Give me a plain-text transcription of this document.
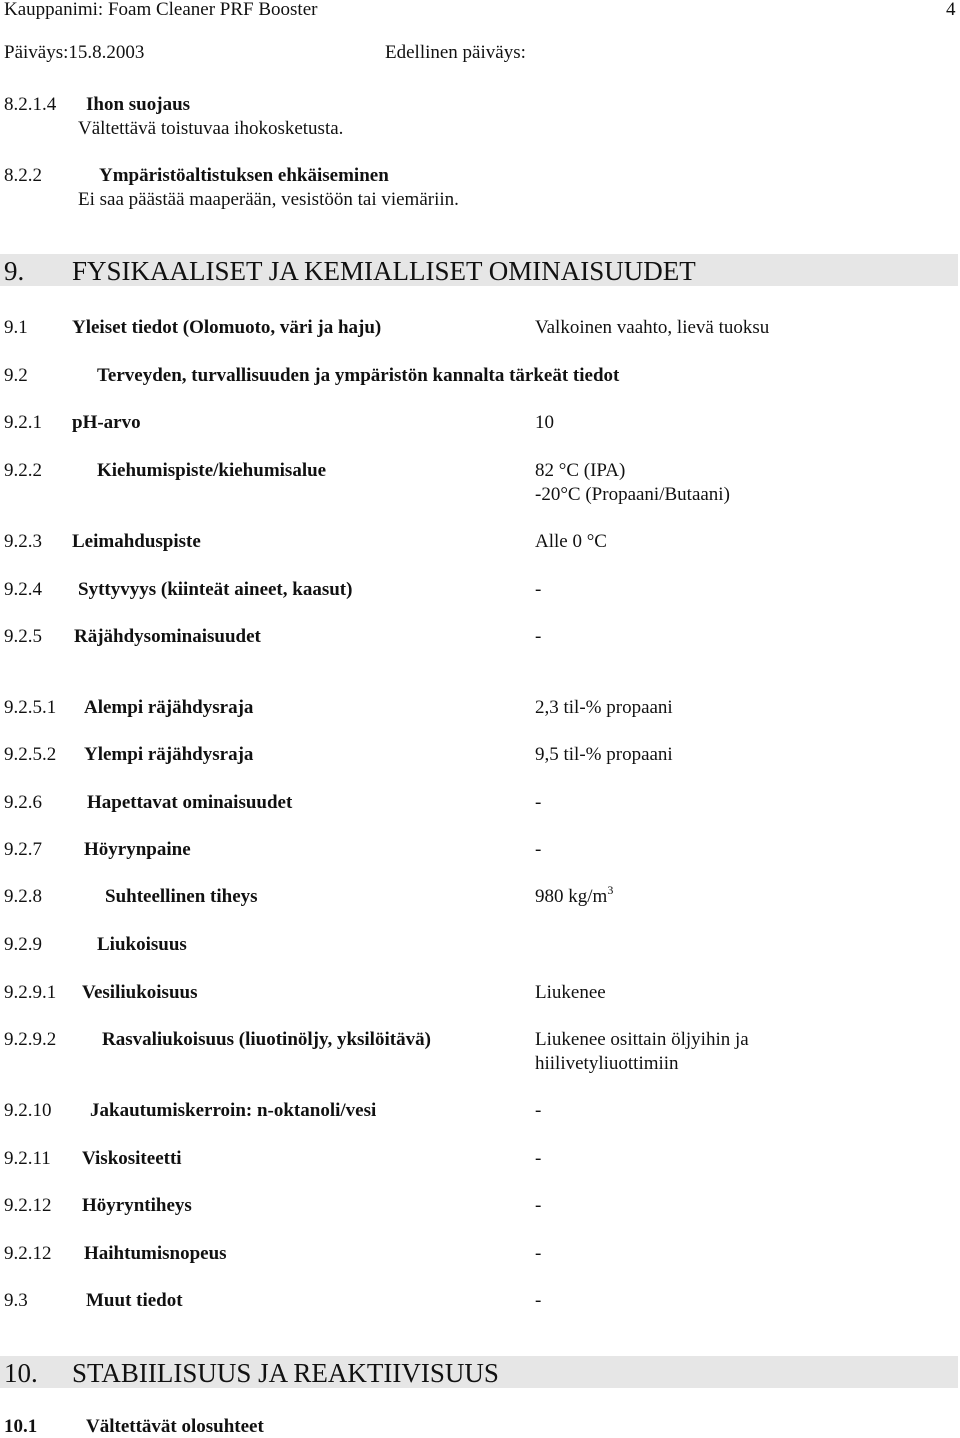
Kauppanimi: Foam Cleaner PRF Booster	4
Päiväys:15.8.2003	Edellinen päiväys:
8.2.1.4 Ihon suojaus
Vältettävä toistuvaa ihokosketusta.
8.2.2	Ympäristöaltistuksen ehkäiseminen
Ei saa päästää maaperään, vesistöön tai viemäriin.
9. FYSIKAALISET JA KEMIALLISET OMINAISUUDET
9.1 Yleiset tiedot (Olomuoto, väri ja haju)	Valkoinen vaahto, lievä tuoksu
9.2	Terveyden, turvallisuuden ja ympäristön kannalta tärkeät tiedot
9.2.1 pH-arvo	10
9.2.2	Kiehumispiste/kiehumisalue	82 °C (IPA)
-20°C (Propaani/Butaani)
9.2.3 Leimahduspiste	Alle 0 °C
9.2.4 Syttyvyys (kiinteät aineet, kaasut)	-
9.2.5 Räjähdysominaisuudet	-
9.2.5.1 Alempi räjähdysraja	2,3 til-% propaani
9.2.5.2 Ylempi räjähdysraja	9,5 til-% propaani
9.2.6 Hapettavat ominaisuudet	-
9.2.7 Höyrynpaine	-
9.2.8	Suhteellinen tiheys	980 $kg/m^3$
9.2.9	Liukoisuus
9.2.9.1 Vesiliukoisuus	Liukenee
9.2.9.2 Rasvaliukoisuus (liuotinöljy, yksilöitävä)	Liukenee osittain öljyihin ja
hiilivetyliuottimiin
9.2.10 Jakautumiskerroin: n-oktanoli/vesi	-
9.2.11 Viskositeetti	-
9.2.12 Höyryntiheys	-
9.2.12 Haihtumisnopeus	-
9.3	Muut tiedot	-
10. STABIILISUUS JA REAKTIIVISUUS
10.1	Vältettävät olosuhteet
